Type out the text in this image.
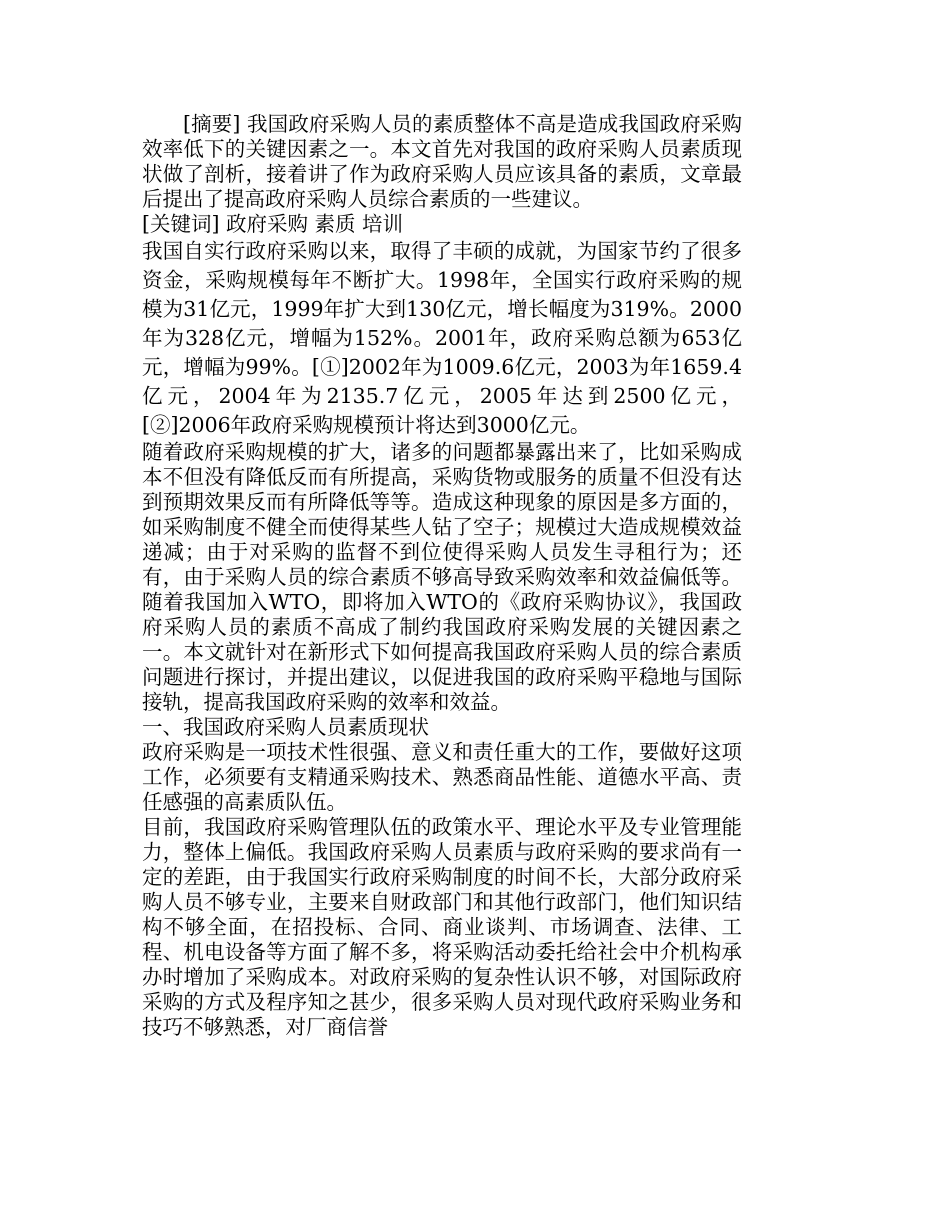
[摘要] 我国政府采购人员的素质整体不高是造成我国政府采购效率低下的关键因素之一。本文首先对我国的政府采购人员素质现状做了剖析，接着讲了作为政府采购人员应该具备的素质，文章最后提出了提高政府采购人员综合素质的一些建议。

[关键词] 政府采购 素质 培训

我国自实行政府采购以来，取得了丰硕的成就，为国家节约了很多资金，采购规模每年不断扩大。1998年，全国实行政府采购的规模为31亿元，1999年扩大到130亿元，增长幅度为319%。2000年为328亿元，增幅为152%。2001年，政府采购总额为653亿元，增幅为99%。[①]2002年为1009.6亿元，2003为年1659.4亿元，2004年为2135.7亿元，2005年达到2500亿元，[②]2006年政府采购规模预计将达到3000亿元。

随着政府采购规模的扩大，诸多的问题都暴露出来了，比如采购成本不但没有降低反而有所提高，采购货物或服务的质量不但没有达到预期效果反而有所降低等等。造成这种现象的原因是多方面的，如采购制度不健全而使得某些人钻了空子；规模过大造成规模效益递减；由于对采购的监督不到位使得采购人员发生寻租行为；还有，由于采购人员的综合素质不够高导致采购效率和效益偏低等。随着我国加入WTO，即将加入WTO的《政府采购协议》，我国政府采购人员的素质不高成了制约我国政府采购发展的关键因素之一。本文就针对在新形式下如何提高我国政府采购人员的综合素质问题进行探讨，并提出建议，以促进我国的政府采购平稳地与国际接轨，提高我国政府采购的效率和效益。

一、我国政府采购人员素质现状

政府采购是一项技术性很强、意义和责任重大的工作，要做好这项工作，必须要有支精通采购技术、熟悉商品性能、道德水平高、责任感强的高素质队伍。

目前，我国政府采购管理队伍的政策水平、理论水平及专业管理能力，整体上偏低。我国政府采购人员素质与政府采购的要求尚有一定的差距，由于我国实行政府采购制度的时间不长，大部分政府采购人员不够专业，主要来自财政部门和其他行政部门，他们知识结构不够全面，在招投标、合同、商业谈判、市场调查、法律、工程、机电设备等方面了解不多，将采购活动委托给社会中介机构承办时增加了采购成本。对政府采购的复杂性认识不够，对国际政府采购的方式及程序知之甚少，很多采购人员对现代政府采购业务和技巧不够熟悉，对厂商信誉
